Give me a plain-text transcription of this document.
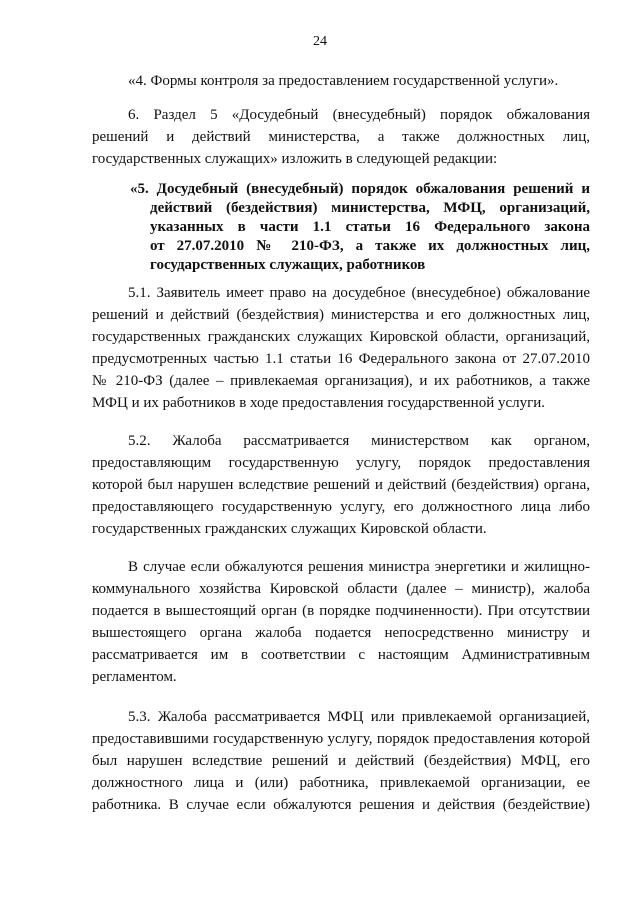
24
«4. Формы контроля за предоставлением государственной услуги».
6. Раздел 5 «Досудебный (внесудебный) порядок обжалования
решений и действий министерства, а также должностных лиц,
государственных служащих» изложить в следующей редакции:
«5. Досудебный (внесудебный) порядок обжалования решений и
действий (бездействия) министерства, МФЦ, организаций,
указанных в части 1.1 статьи 16 Федерального закона
от 27.07.2010 № 210-ФЗ, а также их должностных лиц,
государственных служащих, работников
5.1. Заявитель имеет право на досудебное (внесудебное) обжалование
решений и действий (бездействия) министерства и его должностных лиц,
государственных гражданских служащих Кировской области, организаций,
предусмотренных частью 1.1 статьи 16 Федерального закона от 27.07.2010
№ 210-ФЗ (далее – привлекаемая организация), и их работников, а также
МФЦ и их работников в ходе предоставления государственной услуги.
5.2. Жалоба рассматривается министерством как органом,
предоставляющим государственную услугу, порядок предоставления
которой был нарушен вследствие решений и действий (бездействия) органа,
предоставляющего государственную услугу, его должностного лица либо
государственных гражданских служащих Кировской области.
В случае если обжалуются решения министра энергетики и жилищно-
коммунального хозяйства Кировской области (далее – министр), жалоба
подается в вышестоящий орган (в порядке подчиненности). При отсутствии
вышестоящего органа жалоба подается непосредственно министру и
рассматривается им в соответствии с настоящим Административным
регламентом.
5.3. Жалоба рассматривается МФЦ или привлекаемой организацией,
предоставившими государственную услугу, порядок предоставления которой
был нарушен вследствие решений и действий (бездействия) МФЦ, его
должностного лица и (или) работника, привлекаемой организации, ее
работника. В случае если обжалуются решения и действия (бездействие)
